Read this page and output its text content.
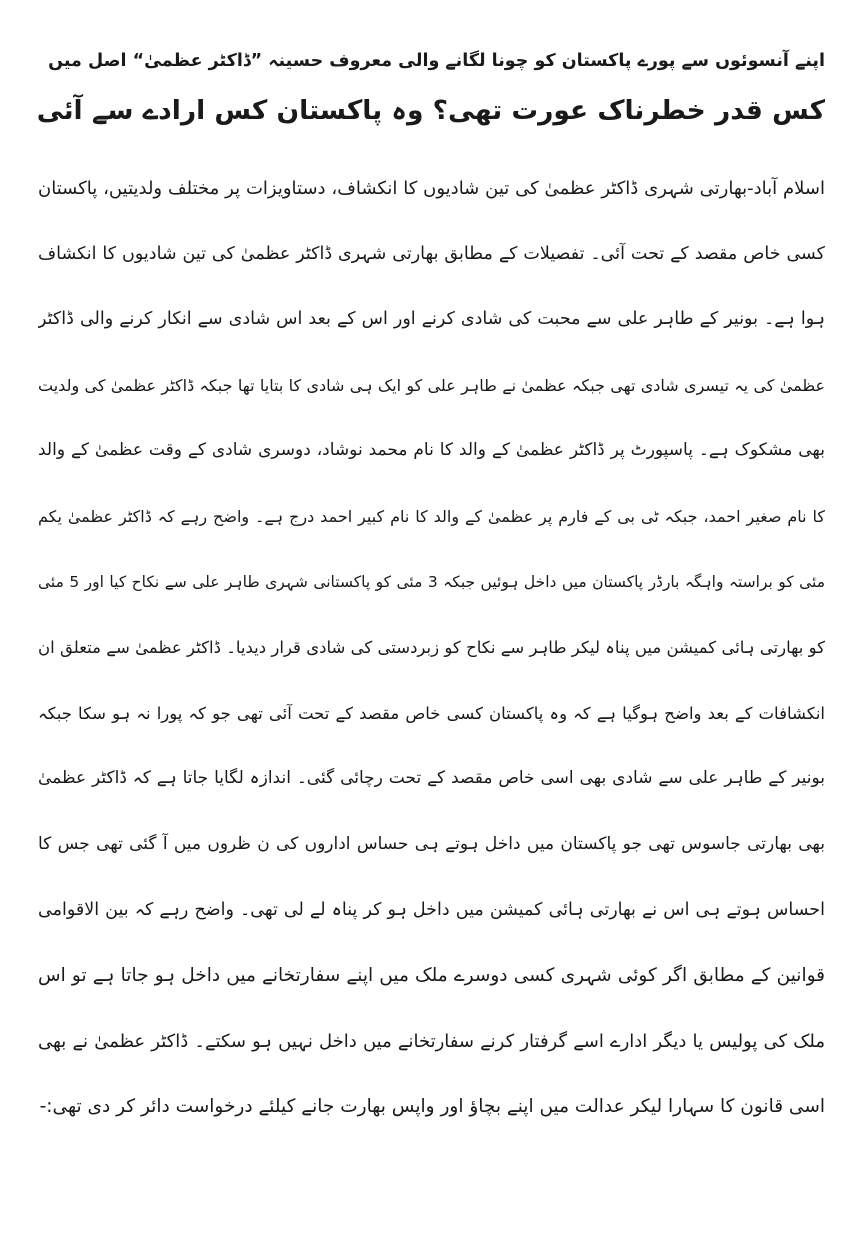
اپنے آنسوئوں سے پورے پاکستان کو چونا لگانے والی معروف حسینہ ”ڈاکٹر عظمیٰ“ اصل میں
کس قدر خطرناک عورت تھی؟ وہ پاکستان کس ارادے سے آئی
اسلام آباد-بھارتی شہری ڈاکٹر عظمیٰ کی تین شادیوں کا انکشاف، دستاویزات پر مختلف ولدیتیں، پاکستان
کسی خاص مقصد کے تحت آئی۔ تفصیلات کے مطابق بھارتی شہری ڈاکٹر عظمیٰ کی تین شادیوں کا انکشاف
ہوا ہے۔ بونیر کے طاہر علی سے محبت کی شادی کرنے اور اس کے بعد اس شادی سے انکار کرنے والی ڈاکٹر
عظمیٰ کی یہ تیسری شادی تھی جبکہ عظمیٰ نے طاہر علی کو ایک ہی شادی کا بتایا تھا جبکہ ڈاکٹر عظمیٰ کی ولدیت
بھی مشکوک ہے۔ پاسپورٹ پر ڈاکٹر عظمیٰ کے والد کا نام محمد نوشاد، دوسری شادی کے وقت عظمیٰ کے والد
کا نام صغیر احمد، جبکہ ٹی بی کے فارم پر عظمیٰ کے والد کا نام کبیر احمد درج ہے۔ واضح رہے کہ ڈاکٹر عظمیٰ یکم
مئی کو براستہ واہگہ بارڈر پاکستان میں داخل ہوئیں جبکہ 3 مئی کو پاکستانی شہری طاہر علی سے نکاح کیا اور 5 مئی
کو بھارتی ہائی کمیشن میں پناہ لیکر طاہر سے نکاح کو زبردستی کی شادی قرار دیدیا۔ ڈاکٹر عظمیٰ سے متعلق ان
انکشافات کے بعد واضح ہوگیا ہے کہ وہ پاکستان کسی خاص مقصد کے تحت آئی تھی جو کہ پورا نہ ہو سکا جبکہ
بونیر کے طاہر علی سے شادی بھی اسی خاص مقصد کے تحت رچائی گئی۔ اندازہ لگایا جاتا ہے کہ ڈاکٹر عظمیٰ
بھی بھارتی جاسوس تھی جو پاکستان میں داخل ہوتے ہی حساس اداروں کی ن ظروں میں آ گئی تھی جس کا
احساس ہوتے ہی اس نے بھارتی ہائی کمیشن میں داخل ہو کر پناہ لے لی تھی۔ واضح رہے کہ بین الاقوامی
قوانین کے مطابق اگر کوئی شہری کسی دوسرے ملک میں اپنے سفارتخانے میں داخل ہو جاتا ہے تو اس
ملک کی پولیس یا دیگر ادارے اسے گرفتار کرنے سفارتخانے میں داخل نہیں ہو سکتے۔ ڈاکٹر عظمیٰ نے بھی
اسی قانون کا سہارا لیکر عدالت میں اپنے بچاؤ اور واپس بھارت جانے کیلئے درخواست دائر کر دی تھی:-
